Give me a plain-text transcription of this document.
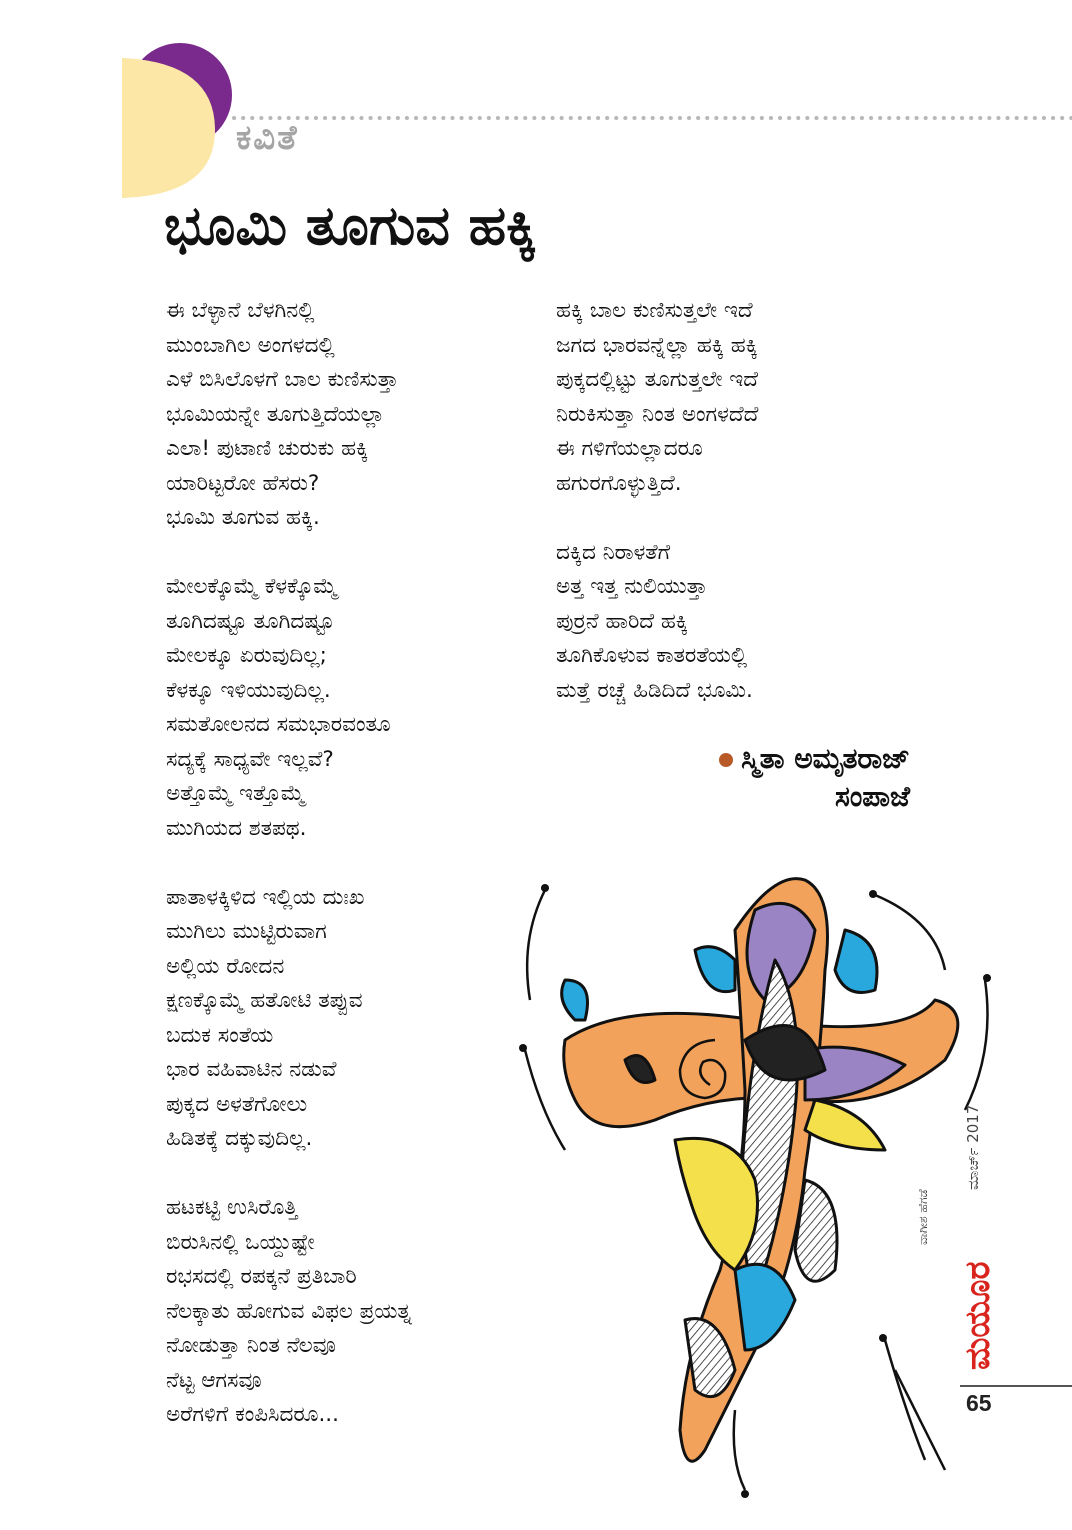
ಕವಿತೆ
ಭೂಮಿ ತೂಗುವ ಹಕ್ಕಿ
ಈ ಬೆಳ್ಳಾನೆ ಬೆಳಗಿನಲ್ಲಿ
ಮುಂಬಾಗಿಲ ಅಂಗಳದಲ್ಲಿ
ಎಳೆ ಬಿಸಿಲೊಳಗೆ ಬಾಲ ಕುಣಿಸುತ್ತಾ
ಭೂಮಿಯನ್ನೇ ತೂಗುತ್ತಿದೆಯಲ್ಲಾ
ಎಲಾ! ಪುಟಾಣಿ ಚುರುಕು ಹಕ್ಕಿ
ಯಾರಿಟ್ಟರೋ ಹೆಸರು?
ಭೂಮಿ ತೂಗುವ ಹಕ್ಕಿ.
ಮೇಲಕ್ಕೊಮ್ಮೆ ಕೆಳಕ್ಕೊಮ್ಮೆ
ತೂಗಿದಷ್ಟೂ ತೂಗಿದಷ್ಟೂ
ಮೇಲಕ್ಕೂ ಏರುವುದಿಲ್ಲ;
ಕೆಳಕ್ಕೂ ಇಳಿಯುವುದಿಲ್ಲ.
ಸಮತೋಲನದ ಸಮಭಾರವಂತೂ
ಸದ್ಯಕ್ಕೆ ಸಾಧ್ಯವೇ ಇಲ್ಲವೆ?
ಅತ್ತೊಮ್ಮೆ ಇತ್ತೊಮ್ಮೆ
ಮುಗಿಯದ ಶತಪಥ.
ಪಾತಾಳಕ್ಕಿಳಿದ ಇಲ್ಲಿಯ ದುಃಖ
ಮುಗಿಲು ಮುಟ್ಟಿರುವಾಗ
ಅಲ್ಲಿಯ ರೋದನ
ಕ್ಷಣಕ್ಕೊಮ್ಮೆ ಹತೋಟಿ ತಪ್ಪುವ
ಬದುಕ ಸಂತೆಯ
ಭಾರ ವಹಿವಾಟಿನ ನಡುವೆ
ಪುಕ್ಕದ ಅಳತೆಗೋಲು
ಹಿಡಿತಕ್ಕೆ ದಕ್ಕುವುದಿಲ್ಲ.
ಹಟಕಟ್ಟಿ ಉಸಿರೊತ್ತಿ
ಬಿರುಸಿನಲ್ಲಿ ಒಯ್ದುಷ್ಟೇ
ರಭಸದಲ್ಲಿ ರಪಕ್ಕನೆ ಪ್ರತಿಬಾರಿ
ನೆಲಕ್ಕಾತು ಹೋಗುವ ವಿಫಲ ಪ್ರಯತ್ನ
ನೋಡುತ್ತಾ ನಿಂತ ನೆಲವೂ
ನೆಟ್ಟ ಆಗಸವೂ
ಅರೆಗಳಿಗೆ ಕಂಪಿಸಿದರೂ...
ಹಕ್ಕಿ ಬಾಲ ಕುಣಿಸುತ್ತಲೇ ಇದೆ
ಜಗದ ಭಾರವನ್ನೆಲ್ಲಾ ಹಕ್ಕಿ ಹಕ್ಕಿ
ಪುಕ್ಕದಲ್ಲಿಟ್ಟು ತೂಗುತ್ತಲೇ ಇದೆ
ನಿರುಕಿಸುತ್ತಾ ನಿಂತ ಅಂಗಳದೆದೆ
ಈ ಗಳಿಗೆಯಲ್ಲಾದರೂ
ಹಗುರಗೊಳ್ಳುತ್ತಿದೆ.
ದಕ್ಕಿದ ನಿರಾಳತೆಗೆ
ಅತ್ತ ಇತ್ತ ನುಲಿಯುತ್ತಾ
ಪುರ್ರನೆ ಹಾರಿದೆ ಹಕ್ಕಿ
ತೂಗಿಕೊಳುವ ಕಾತರತೆಯಲ್ಲಿ
ಮತ್ತೆ ರಚ್ಚೆ ಹಿಡಿದಿದೆ ಭೂಮಿ.
ಸ್ಮಿತಾ ಅಮೃತರಾಜ್
ಸಂಪಾಜೆ
ವಾಗೀಶ ಹೆಗಡೆ
ಮಾರ್ಚ್ 2017
ಮಯೂರ
65
